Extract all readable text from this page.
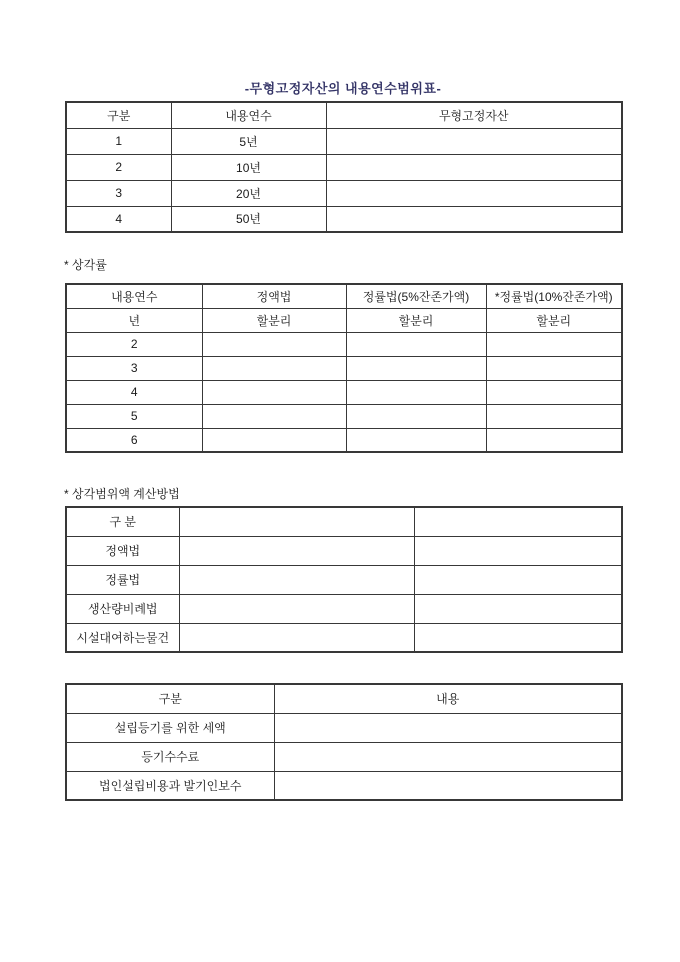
-무형고정자산의 내용연수범위표-
구분	내용연수	무형고정자산
1	5년	
2	10년	
3	20년	
4	50년	
* 상각률
내용연수	정액법	정률법(5%잔존가액)	*정률법(10%잔존가액)
년	할분리	할분리	할분리
2			
3			
4			
5			
6			
* 상각범위액 계산방법
구 분		
정액법		
정률법		
생산량비례법		
시설대여하는물건		
구분	내용
설립등기를 위한 세액	
등기수수료	
법인설립비용과 발기인보수	
